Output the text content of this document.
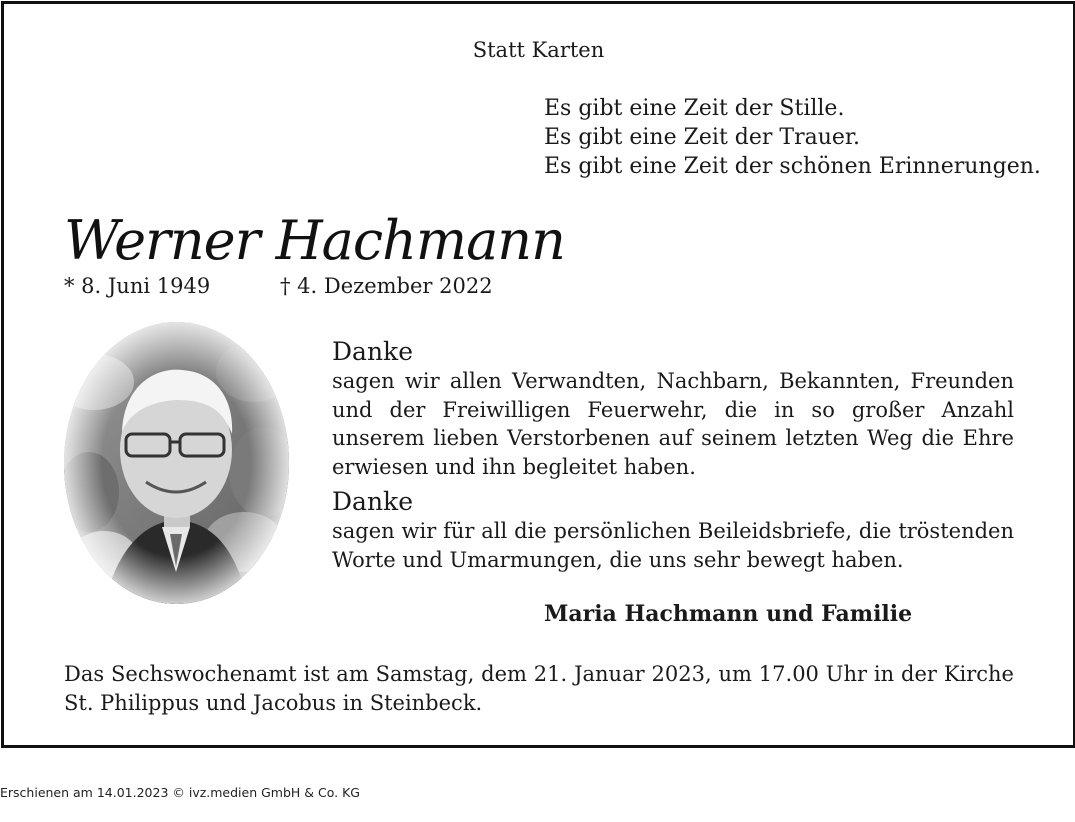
Statt Karten
Es gibt eine Zeit der Stille.
Es gibt eine Zeit der Trauer.
Es gibt eine Zeit der schönen Erinnerungen.
Werner Hachmann
* 8. Juni 1949	† 4. Dezember 2022
Danke
sagen wir allen Verwandten, Nachbarn, Bekannten, Freunden und der Freiwilligen Feuerwehr, die in so großer Anzahl unserem lieben Verstorbenen auf seinem letzten Weg die Ehre erwiesen und ihn begleitet haben.
Danke
sagen wir für all die persönlichen Beileidsbriefe, die tröstenden Worte und Umarmungen, die uns sehr bewegt haben.
Maria Hachmann und Familie
Das Sechswochenamt ist am Samstag, dem 21. Januar 2023, um 17.00 Uhr in der Kirche St. Philippus und Jacobus in Steinbeck.
Erschienen am 14.01.2023 © ivz.medien GmbH & Co. KG
